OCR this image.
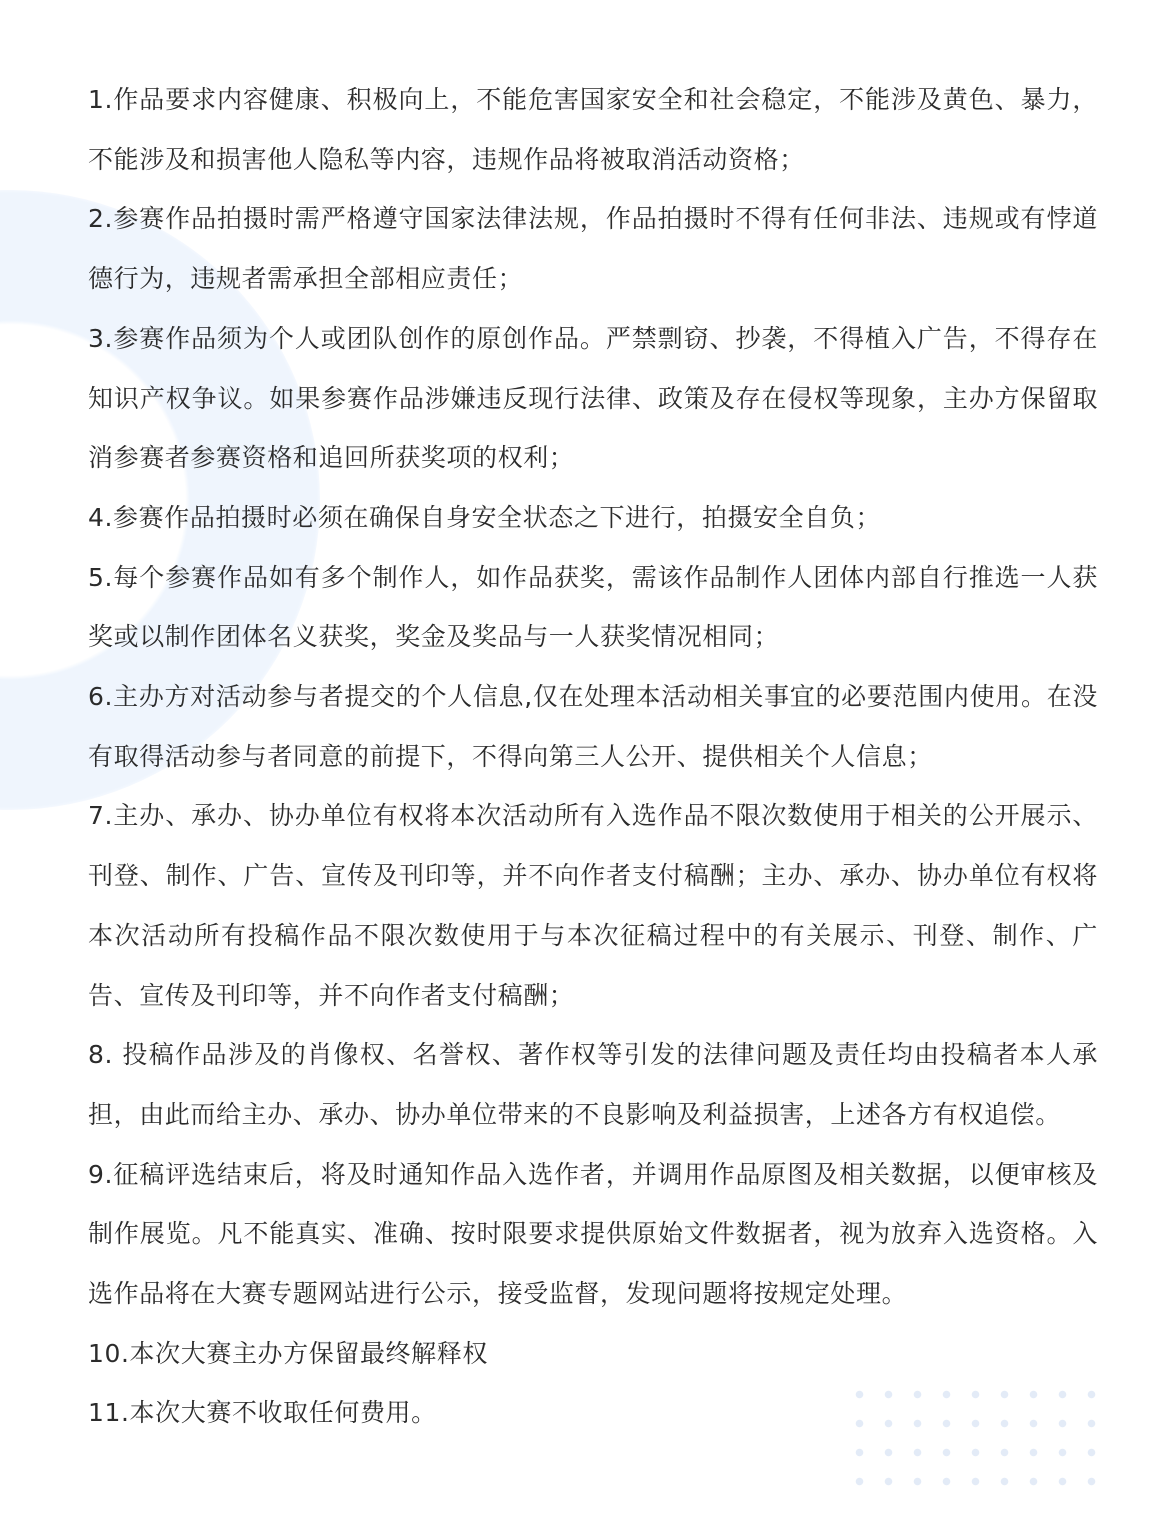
1.作品要求内容健康、积极向上，不能危害国家安全和社会稳定，不能涉及黄色、暴力，不能涉及和损害他人隐私等内容，违规作品将被取消活动资格；
2.参赛作品拍摄时需严格遵守国家法律法规，作品拍摄时不得有任何非法、违规或有悖道德行为，违规者需承担全部相应责任；
3.参赛作品须为个人或团队创作的原创作品。严禁剽窃、抄袭，不得植入广告，不得存在知识产权争议。如果参赛作品涉嫌违反现行法律、政策及存在侵权等现象，主办方保留取消参赛者参赛资格和追回所获奖项的权利；
4.参赛作品拍摄时必须在确保自身安全状态之下进行，拍摄安全自负；
5.每个参赛作品如有多个制作人，如作品获奖，需该作品制作人团体内部自行推选一人获奖或以制作团体名义获奖，奖金及奖品与一人获奖情况相同；
6.主办方对活动参与者提交的个人信息,仅在处理本活动相关事宜的必要范围内使用。在没有取得活动参与者同意的前提下，不得向第三人公开、提供相关个人信息；
7.主办、承办、协办单位有权将本次活动所有入选作品不限次数使用于相关的公开展示、刊登、制作、广告、宣传及刊印等，并不向作者支付稿酬；主办、承办、协办单位有权将本次活动所有投稿作品不限次数使用于与本次征稿过程中的有关展示、刊登、制作、广告、宣传及刊印等，并不向作者支付稿酬；
8. 投稿作品涉及的肖像权、名誉权、著作权等引发的法律问题及责任均由投稿者本人承担，由此而给主办、承办、协办单位带来的不良影响及利益损害，上述各方有权追偿。
9.征稿评选结束后，将及时通知作品入选作者，并调用作品原图及相关数据，以便审核及制作展览。凡不能真实、准确、按时限要求提供原始文件数据者，视为放弃入选资格。入选作品将在大赛专题网站进行公示，接受监督，发现问题将按规定处理。
10.本次大赛主办方保留最终解释权
11.本次大赛不收取任何费用。
